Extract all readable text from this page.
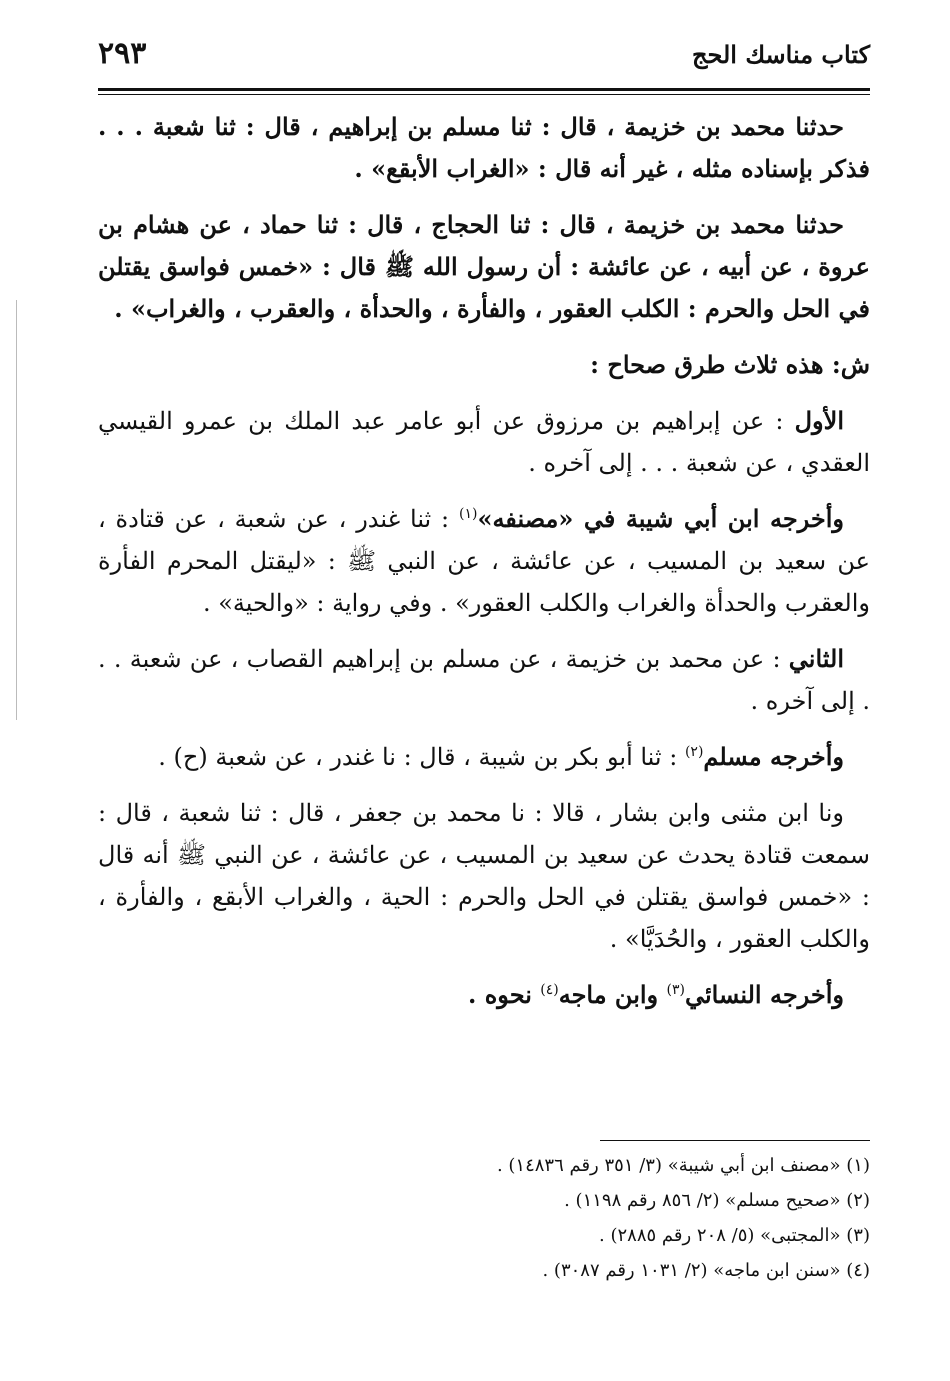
كتاب مناسك الحج
٢٩٣

حدثنا محمد بن خزيمة ، قال : ثنا مسلم بن إبراهيم ، قال : ثنا شعبة . . . فذكر بإسناده مثله ، غير أنه قال : «الغراب الأبقع» .

حدثنا محمد بن خزيمة ، قال : ثنا الحجاج ، قال : ثنا حماد ، عن هشام بن عروة ، عن أبيه ، عن عائشة : أن رسول الله ﷺ قال : «خمس فواسق يقتلن في الحل والحرم : الكلب العقور ، والفأرة ، والحدأة ، والعقرب ، والغراب» .

ش: هذه ثلاث طرق صحاح :

الأول : عن إبراهيم بن مرزوق عن أبو عامر عبد الملك بن عمرو القيسي العقدي ، عن شعبة . . . إلى آخره .

وأخرجه ابن أبي شيبة في «مصنفه»$^{(١)}$ : ثنا غندر ، عن شعبة ، عن قتادة ، عن سعيد بن المسيب ، عن عائشة ، عن النبي ﷺ : «ليقتل المحرم الفأرة والعقرب والحدأة والغراب والكلب العقور» . وفي رواية : «والحية» .

الثاني : عن محمد بن خزيمة ، عن مسلم بن إبراهيم القصاب ، عن شعبة . . . إلى آخره .

وأخرجه مسلم$^{(٢)}$ : ثنا أبو بكر بن شيبة ، قال : نا غندر ، عن شعبة (ح) .

ونا ابن مثنى وابن بشار ، قالا : نا محمد بن جعفر ، قال : ثنا شعبة ، قال : سمعت قتادة يحدث عن سعيد بن المسيب ، عن عائشة ، عن النبي ﷺ أنه قال : «خمس فواسق يقتلن في الحل والحرم : الحية ، والغراب الأبقع ، والفأرة ، والكلب العقور ، والحُدَيَّا» .

وأخرجه النسائي$^{(٣)}$ وابن ماجه$^{(٤)}$ نحوه .

(١) «مصنف ابن أبي شيبة» (٣/ ٣٥١ رقم ١٤٨٣٦) .

(٢) «صحيح مسلم» (٢/ ٨٥٦ رقم ١١٩٨) .

(٣) «المجتبى» (٥/ ٢٠٨ رقم ٢٨٨٥) .

(٤) «سنن ابن ماجه» (٢/ ١٠٣١ رقم ٣٠٨٧) .
